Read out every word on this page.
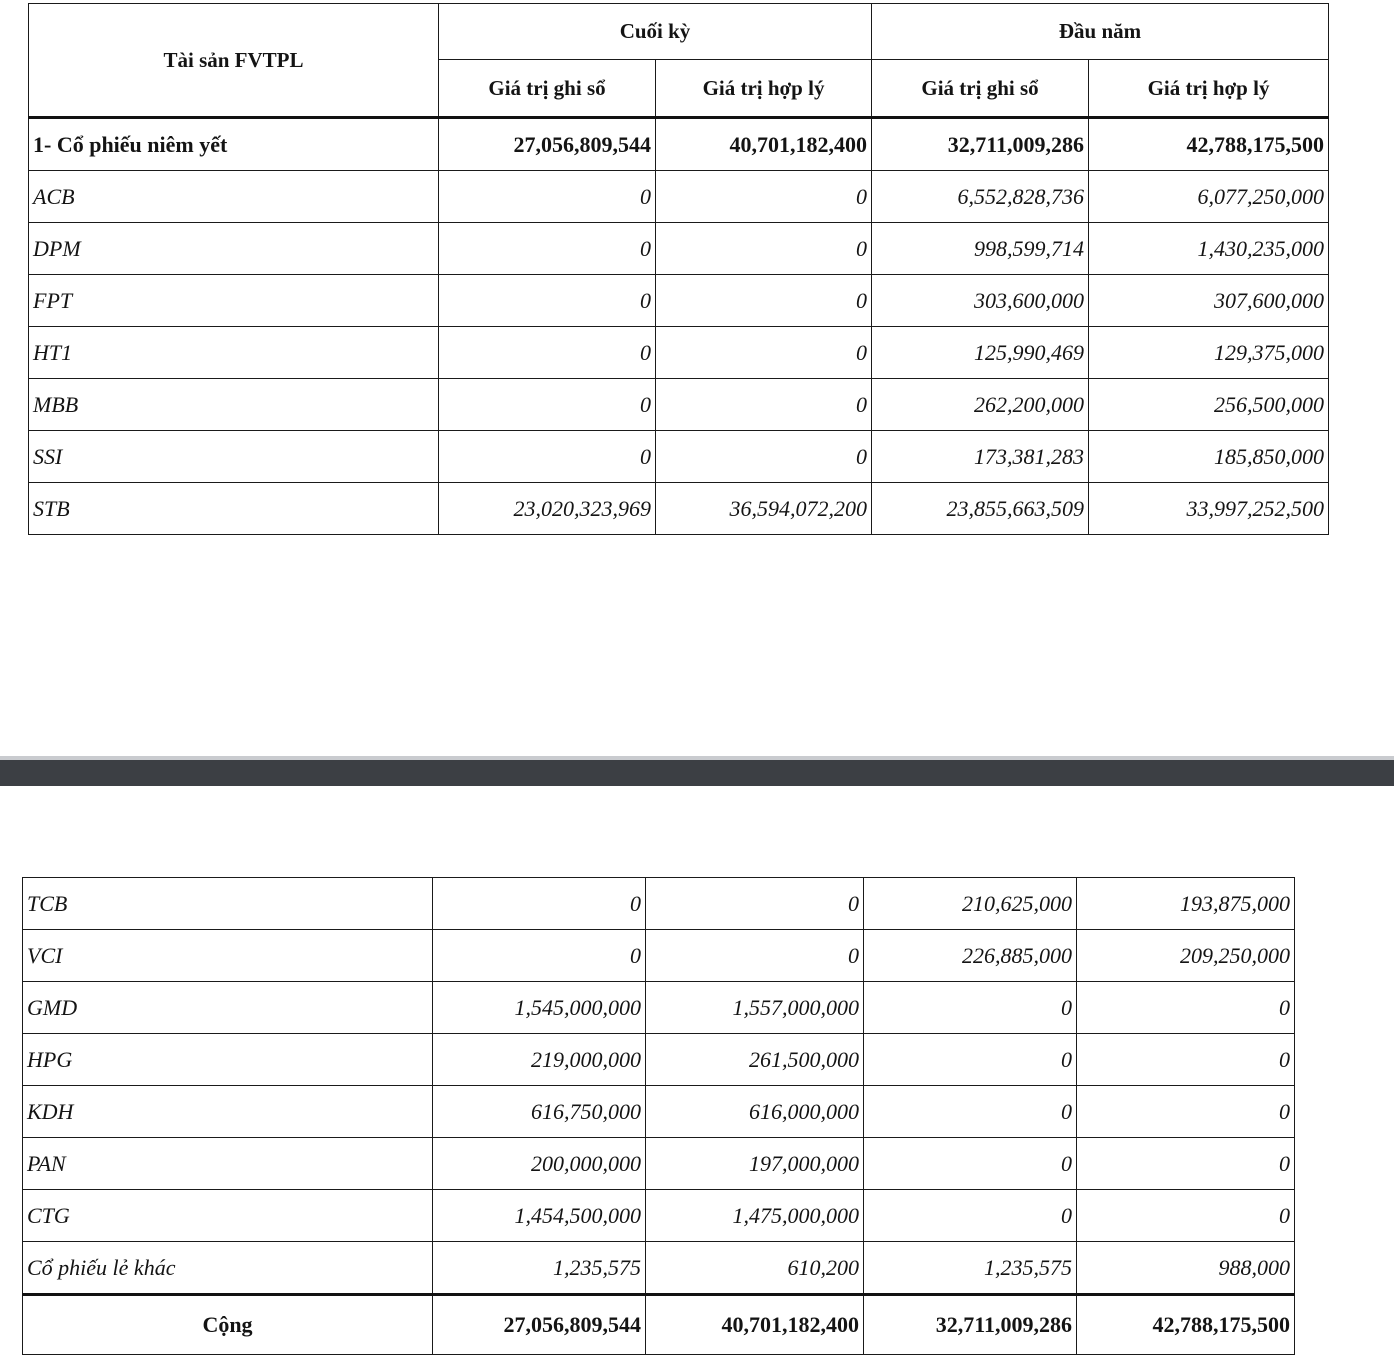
Tài sản FVTPL	Cuối kỳ		Đầu năm	
	Giá trị ghi sổ	Giá trị hợp lý	Giá trị ghi sổ	Giá trị hợp lý
1- Cổ phiếu niêm yết	27,056,809,544	40,701,182,400	32,711,009,286	42,788,175,500
ACB	0	0	6,552,828,736	6,077,250,000
DPM	0	0	998,599,714	1,430,235,000
FPT	0	0	303,600,000	307,600,000
HT1	0	0	125,990,469	129,375,000
MBB	0	0	262,200,000	256,500,000
SSI	0	0	173,381,283	185,850,000
STB	23,020,323,969	36,594,072,200	23,855,663,509	33,997,252,500
TCB	0	0	210,625,000	193,875,000
VCI	0	0	226,885,000	209,250,000
GMD	1,545,000,000	1,557,000,000	0	0
HPG	219,000,000	261,500,000	0	0
KDH	616,750,000	616,000,000	0	0
PAN	200,000,000	197,000,000	0	0
CTG	1,454,500,000	1,475,000,000	0	0
Cổ phiếu lẻ khác	1,235,575	610,200	1,235,575	988,000
Cộng	27,056,809,544	40,701,182,400	32,711,009,286	42,788,175,500
